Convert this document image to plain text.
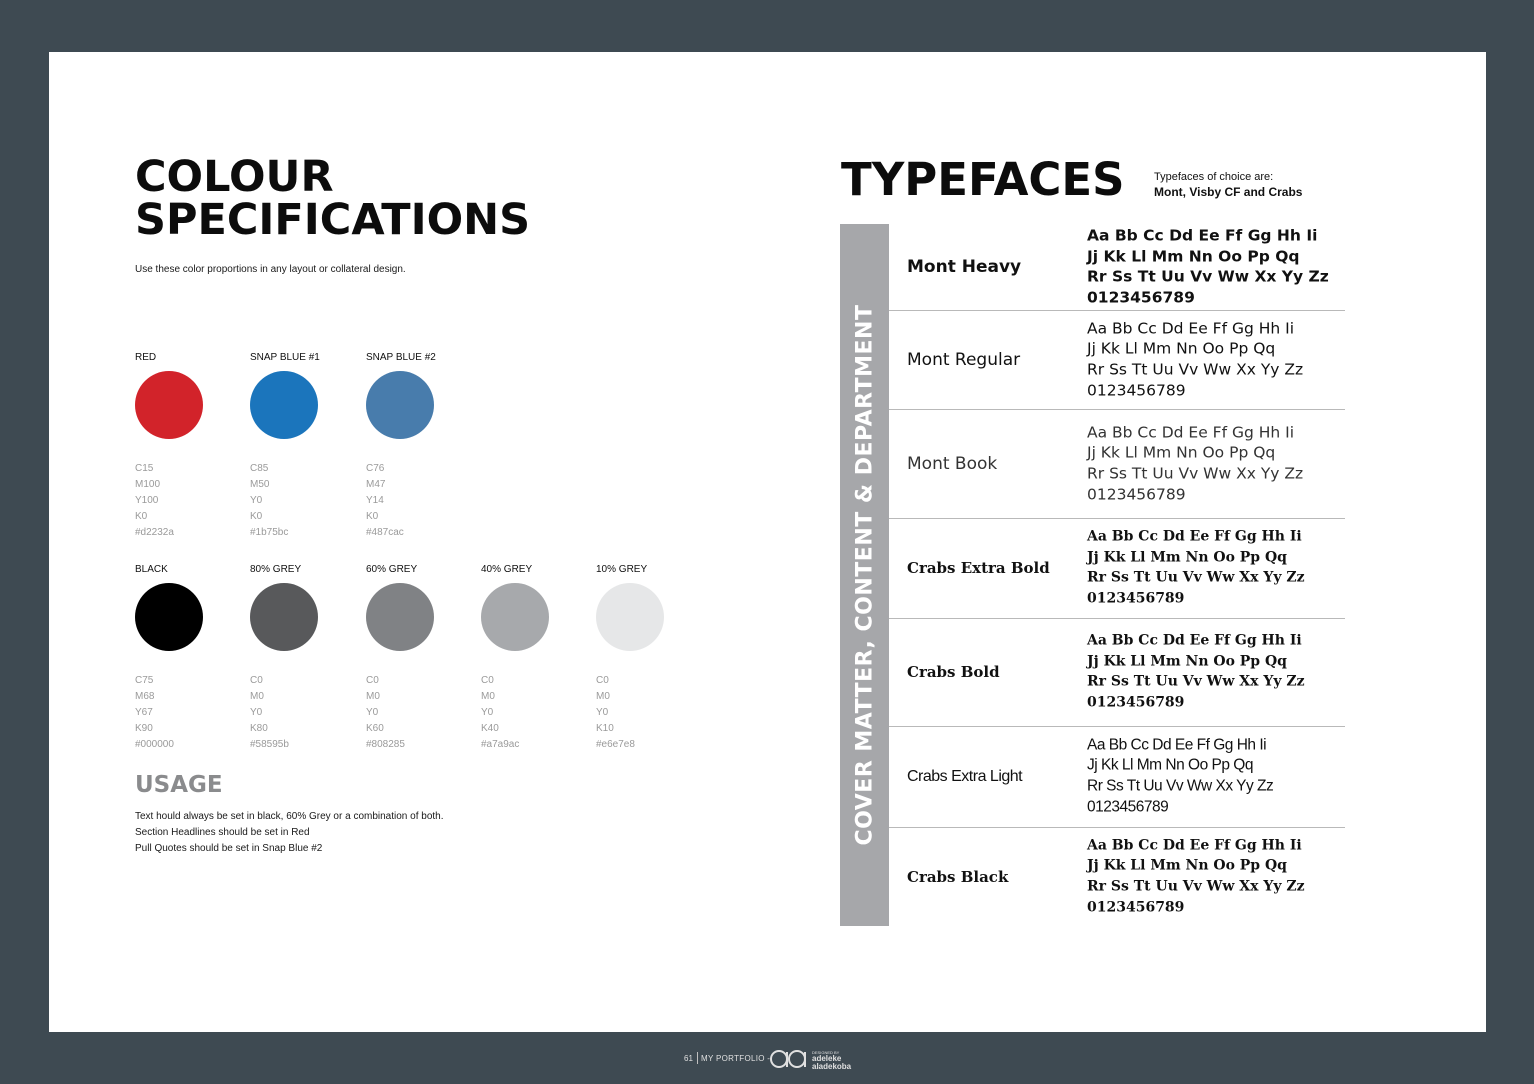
COLOUR
SPECIFICATIONS
Use these color proportions in any layout or collateral design.
RED
C15
M100
Y100
K0
#d2232a
SNAP BLUE #1
C85
M50
Y0
K0
#1b75bc
SNAP BLUE #2
C76
M47
Y14
K0
#487cac
BLACK
C75
M68
Y67
K90
#000000
80% GREY
C0
M0
Y0
K80
#58595b
60% GREY
C0
M0
Y0
K60
#808285
40% GREY
C0
M0
Y0
K40
#a7a9ac
10% GREY
C0
M0
Y0
K10
#e6e7e8
USAGE
Text hould always be set in black, 60% Grey or a combination of both.
Section Headlines should be set in Red
Pull Quotes should be set in Snap Blue #2
TYPEFACES	Typefaces of choice are:
Mont, Visby CF and Crabs
COVER MATTER, CONTENT & DEPARTMENT
Mont Heavy
Aa Bb Cc Dd Ee Ff Gg Hh Ii
Jj Kk Ll Mm Nn Oo Pp Qq
Rr Ss Tt Uu Vv Ww Xx Yy Zz
0123456789
Mont Regular
Aa Bb Cc Dd Ee Ff Gg Hh Ii
Jj Kk Ll Mm Nn Oo Pp Qq
Rr Ss Tt Uu Vv Ww Xx Yy Zz
0123456789
Mont Book
Aa Bb Cc Dd Ee Ff Gg Hh Ii
Jj Kk Ll Mm Nn Oo Pp Qq
Rr Ss Tt Uu Vv Ww Xx Yy Zz
0123456789
Crabs Extra Bold
Aa Bb Cc Dd Ee Ff Gg Hh Ii
Jj Kk Ll Mm Nn Oo Pp Qq
Rr Ss Tt Uu Vv Ww Xx Yy Zz
0123456789
Crabs Bold
Aa Bb Cc Dd Ee Ff Gg Hh Ii
Jj Kk Ll Mm Nn Oo Pp Qq
Rr Ss Tt Uu Vv Ww Xx Yy Zz
0123456789
Crabs Extra Light
Aa Bb Cc Dd Ee Ff Gg Hh Ii
Jj Kk Ll Mm Nn Oo Pp Qq
Rr Ss Tt Uu Vv Ww Xx Yy Zz
0123456789
Crabs Black
Aa Bb Cc Dd Ee Ff Gg Hh Ii
Jj Kk Ll Mm Nn Oo Pp Qq
Rr Ss Tt Uu Vv Ww Xx Yy Zz
0123456789
61 MY PORTFOLIO -
aa
DESIGNED BY
adeleke
aladekoba
